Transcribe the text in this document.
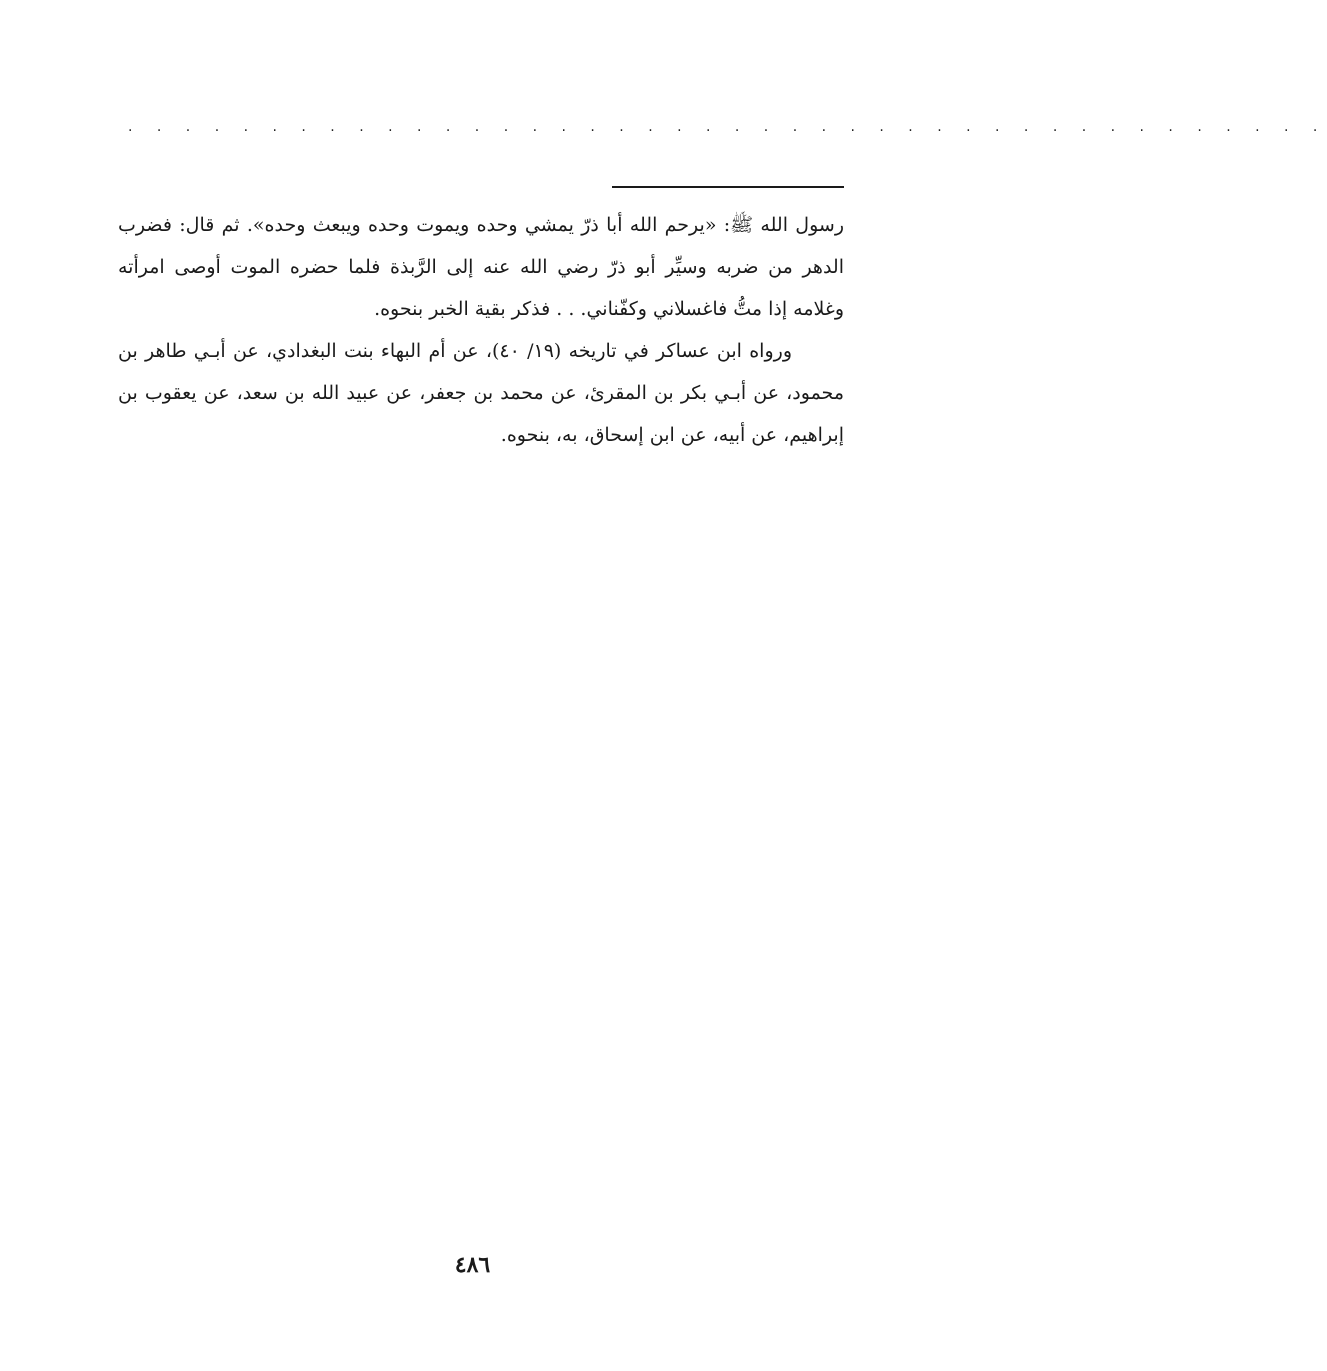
. . . . . . . . . . . . . . . . . . . . . . . . . . . . . . . . . . . . . . . . . .

رسول الله ﷺ: «يرحم الله أبا ذرّ يمشي وحده ويموت وحده ويبعث وحده». ثم قال: فضرب الدهر من ضربه وسيِّر أبو ذرّ رضي الله عنه إلى الرَّبذة فلما حضره الموت أوصى امرأته وغلامه إذا متُّ فاغسلاني وكفّناني. . . فذكر بقية الخبر بنحوه.

ورواه ابن عساكر في تاريخه (١٩/ ٤٠)، عن أم البهاء بنت البغدادي، عن أبـي طاهر بن محمود، عن أبـي بكر بن المقرئ، عن محمد بن جعفر، عن عبيد الله بن سعد، عن يعقوب بن إبراهيم، عن أبيه، عن ابن إسحاق، به، بنحوه.

٤٨٦
